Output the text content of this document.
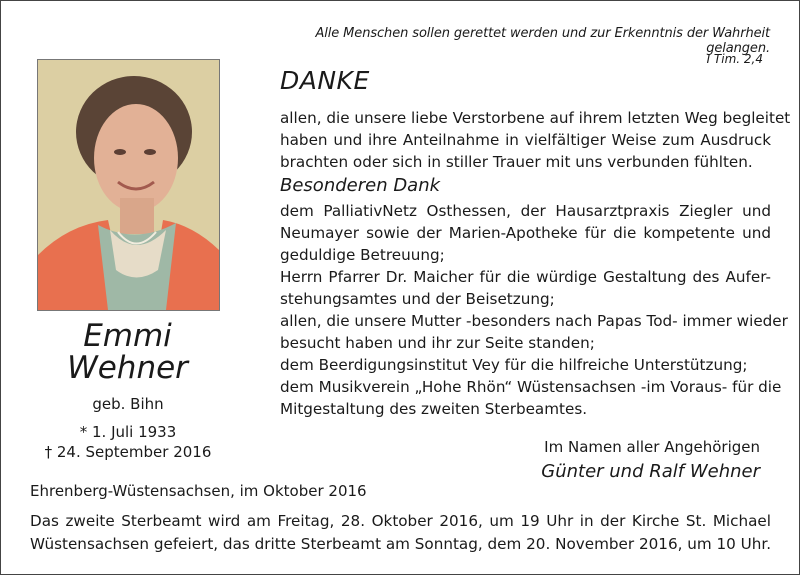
Alle Menschen sollen gerettet werden und zur Erkenntnis der Wahrheit gelangen.
I Tim. 2,4
Emmi
Wehner
geb. Bihn
* 1. Juli 1933
† 24. September 2016
DANKE
allen, die unsere liebe Verstorbene auf ihrem letzten Weg begleitet
haben und ihre Anteilnahme in vielfältiger Weise zum Ausdruck
brachten oder sich in stiller Trauer mit uns verbunden fühlten.
Besonderen Dank
dem PalliativNetz Osthessen, der Hausarztpraxis Ziegler und
Neumayer sowie der Marien-Apotheke für die kompetente und
geduldige Betreuung;
Herrn Pfarrer Dr. Maicher für die würdige Gestaltung des Aufer-
stehungsamtes und der Beisetzung;
allen, die unsere Mutter -besonders nach Papas Tod- immer wieder
besucht haben und ihr zur Seite standen;
dem Beerdigungsinstitut Vey für die hilfreiche Unterstützung;
dem Musikverein „Hohe Rhön“ Wüstensachsen -im Voraus- für die
Mitgestaltung des zweiten Sterbeamtes.
Im Namen aller Angehörigen
Günter und Ralf Wehner
Ehrenberg-Wüstensachsen, im Oktober 2016
Das zweite Sterbeamt wird am Freitag, 28. Oktober 2016, um 19 Uhr in der Kirche St. Michael
Wüstensachsen gefeiert, das dritte Sterbeamt am Sonntag, dem 20. November 2016, um 10 Uhr.
